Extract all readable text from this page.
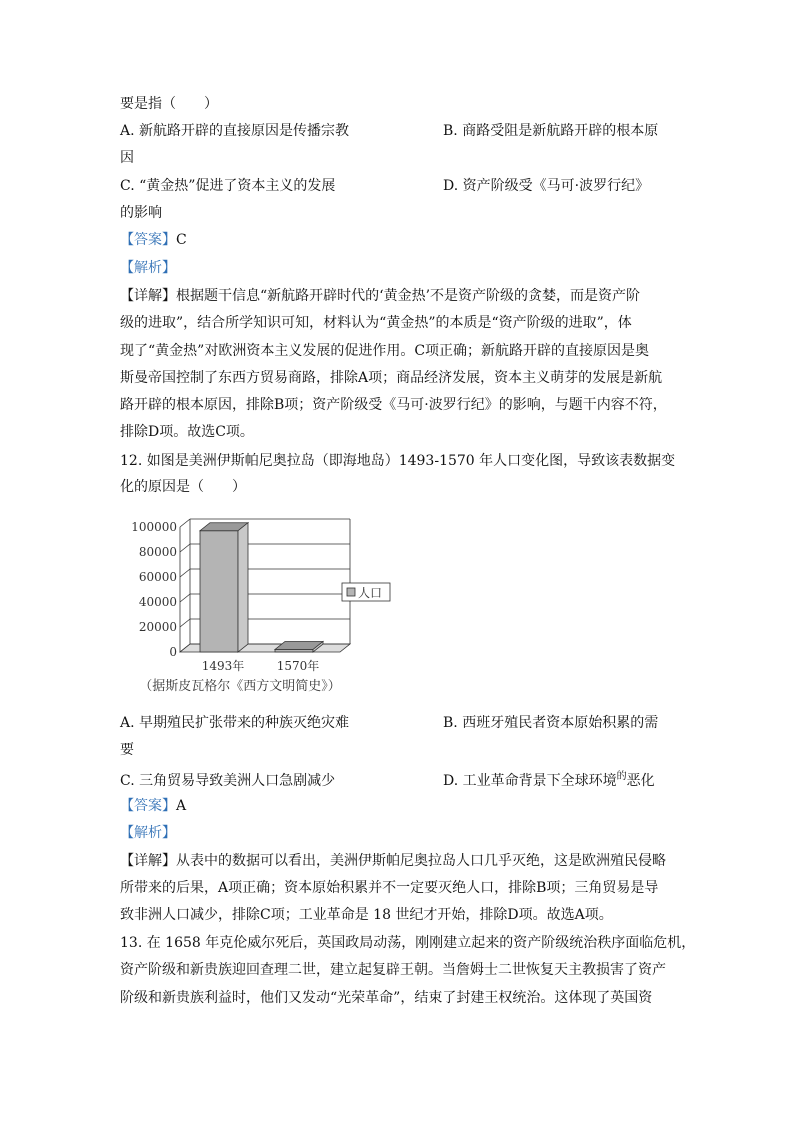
要是指（　　）
A. 新航路开辟的直接原因是传播宗教	B. 商路受阻是新航路开辟的根本原
因
C. “黄金热”促进了资本主义的发展	D. 资产阶级受《马可·波罗行纪》
的影响
【答案】C
【解析】
【详解】根据题干信息“新航路开辟时代的‘黄金热’不是资产阶级的贪婪，而是资产阶
级的进取”，结合所学知识可知，材料认为“黄金热”的本质是“资产阶级的进取”，体
现了“黄金热”对欧洲资本主义发展的促进作用。C项正确；新航路开辟的直接原因是奥
斯曼帝国控制了东西方贸易商路，排除A项；商品经济发展，资本主义萌芽的发展是新航
路开辟的根本原因，排除B项；资产阶级受《马可·波罗行纪》的影响，与题干内容不符，
排除D项。故选C项。
12. 如图是美洲伊斯帕尼奥拉岛（即海地岛）1493-1570 年人口变化图，导致该表数据变
化的原因是（　　）
0
20000
40000
60000
80000
100000
1493年	1570年
人口
（据斯皮瓦格尔《西方文明简史》）
A. 早期殖民扩张带来的种族灭绝灾难	B. 西班牙殖民者资本原始积累的需
要
C. 三角贸易导致美洲人口急剧减少	D. 工业革命背景下全球环境$^的$恶化
【答案】A
【解析】
【详解】从表中的数据可以看出，美洲伊斯帕尼奥拉岛人口几乎灭绝，这是欧洲殖民侵略
所带来的后果，A项正确；资本原始积累并不一定要灭绝人口，排除B项；三角贸易是导
致非洲人口减少，排除C项；工业革命是 18 世纪才开始，排除D项。故选A项。
13. 在 1658 年克伦威尔死后，英国政局动荡，刚刚建立起来的资产阶级统治秩序面临危机，
资产阶级和新贵族迎回查理二世，建立起复辟王朝。当詹姆士二世恢复天主教损害了资产
阶级和新贵族利益时，他们又发动“光荣革命”，结束了封建王权统治。这体现了英国资
